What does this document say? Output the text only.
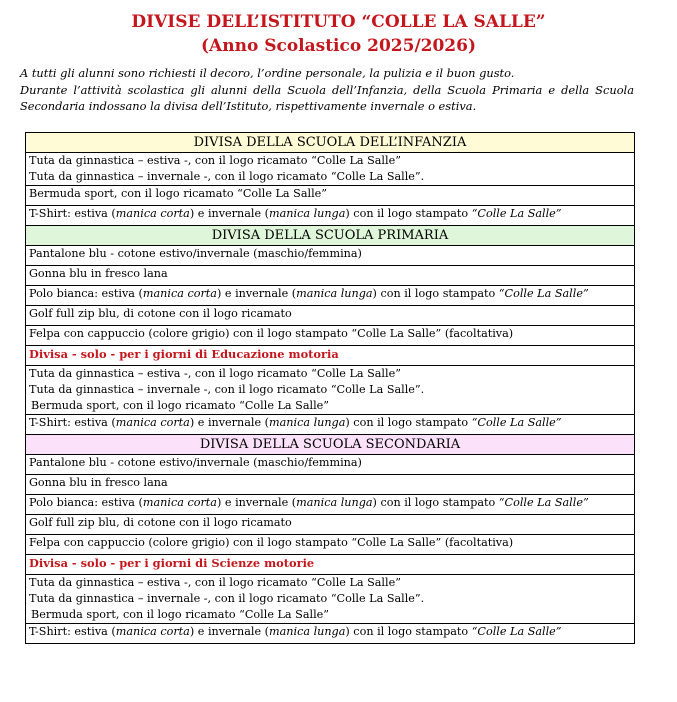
DIVISE DELL’ISTITUTO “COLLE LA SALLE”
(Anno Scolastico 2025/2026)

A tutti gli alunni sono richiesti il decoro, l’ordine personale, la pulizia e il buon gusto.

Durante l’attività scolastica gli alunni della Scuola dell’Infanzia, della Scuola Primaria e della Scuola

Secondaria indossano la divisa dell’Istituto, rispettivamente invernale o estiva.

DIVISA DELLA SCUOLA DELL’INFANZIA

Tuta da ginnastica – estiva -, con il logo ricamato “Colle La Salle”
Tuta da ginnastica – invernale -, con il logo ricamato “Colle La Salle”.

Bermuda sport, con il logo ricamato “Colle La Salle”
T-Shirt: estiva (manica corta) e invernale (manica lunga) con il logo stampato “Colle La Salle”
DIVISA DELLA SCUOLA PRIMARIA
Pantalone blu - cotone estivo/invernale (maschio/femmina)
Gonna blu in fresco lana
Polo bianca: estiva (manica corta) e invernale (manica lunga) con il logo stampato “Colle La Salle”
Golf full zip blu, di cotone con il logo ricamato
Felpa con cappuccio (colore grigio) con il logo stampato “Colle La Salle” (facoltativa)
Divisa - solo - per i giorni di Educazione motoria

Tuta da ginnastica – estiva -, con il logo ricamato “Colle La Salle”
Tuta da ginnastica – invernale -, con il logo ricamato “Colle La Salle”.
Bermuda sport, con il logo ricamato “Colle La Salle”

T-Shirt: estiva (manica corta) e invernale (manica lunga) con il logo stampato “Colle La Salle”
DIVISA DELLA SCUOLA SECONDARIA
Pantalone blu - cotone estivo/invernale (maschio/femmina)
Gonna blu in fresco lana
Polo bianca: estiva (manica corta) e invernale (manica lunga) con il logo stampato “Colle La Salle”
Golf full zip blu, di cotone con il logo ricamato
Felpa con cappuccio (colore grigio) con il logo stampato “Colle La Salle” (facoltativa)
Divisa - solo - per i giorni di Scienze motorie

Tuta da ginnastica – estiva -, con il logo ricamato “Colle La Salle”
Tuta da ginnastica – invernale -, con il logo ricamato “Colle La Salle”.
Bermuda sport, con il logo ricamato “Colle La Salle”

T-Shirt: estiva (manica corta) e invernale (manica lunga) con il logo stampato “Colle La Salle”
